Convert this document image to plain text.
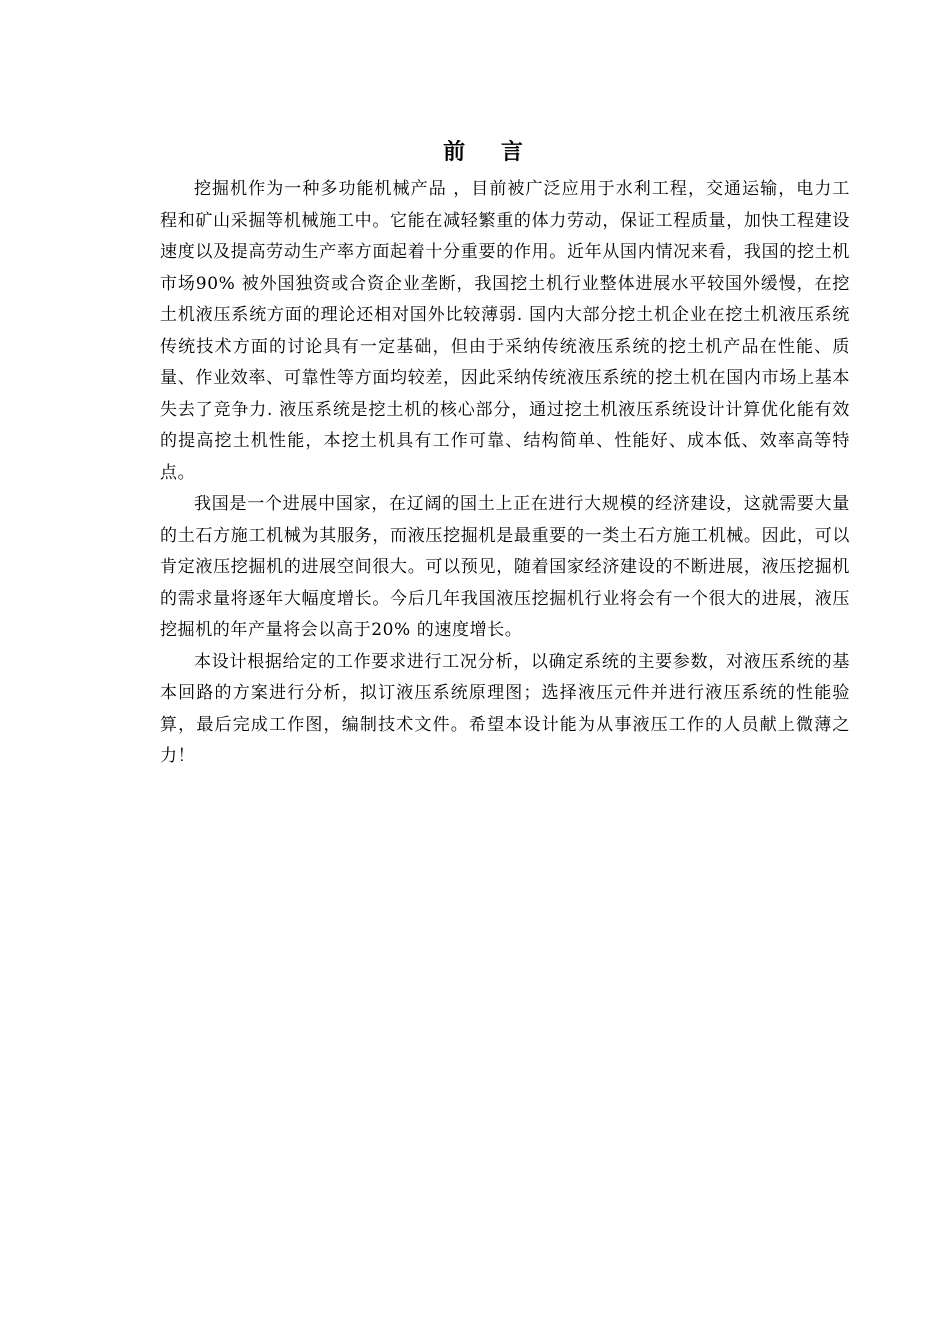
前 言

挖掘机作为一种多功能机械产品 ，目前被广泛应用于水利工程，交通运输，电力工程和矿山采掘等机械施工中。它能在减轻繁重的体力劳动，保证工程质量，加快工程建设速度以及提高劳动生产率方面起着十分重要的作用。近年从国内情况来看，我国的挖土机市场90% 被外国独资或合资企业垄断，我国挖土机行业整体进展水平较国外缓慢，在挖土机液压系统方面的理论还相对国外比较薄弱. 国内大部分挖土机企业在挖土机液压系统传统技术方面的讨论具有一定基础，但由于采纳传统液压系统的挖土机产品在性能、质量、作业效率、可靠性等方面均较差，因此采纳传统液压系统的挖土机在国内市场上基本失去了竞争力. 液压系统是挖土机的核心部分，通过挖土机液压系统设计计算优化能有效的提高挖土机性能，本挖土机具有工作可靠、结构简单、性能好、成本低、效率高等特点。

我国是一个进展中国家，在辽阔的国土上正在进行大规模的经济建设，这就需要大量的土石方施工机械为其服务，而液压挖掘机是最重要的一类土石方施工机械。因此，可以肯定液压挖掘机的进展空间很大。可以预见，随着国家经济建设的不断进展，液压挖掘机的需求量将逐年大幅度增长。今后几年我国液压挖掘机行业将会有一个很大的进展，液压挖掘机的年产量将会以高于20% 的速度增长。

本设计根据给定的工作要求进行工况分析，以确定系统的主要参数，对液压系统的基本回路的方案进行分析，拟订液压系统原理图；选择液压元件并进行液压系统的性能验算，最后完成工作图，编制技术文件。希望本设计能为从事液压工作的人员献上微薄之力！
